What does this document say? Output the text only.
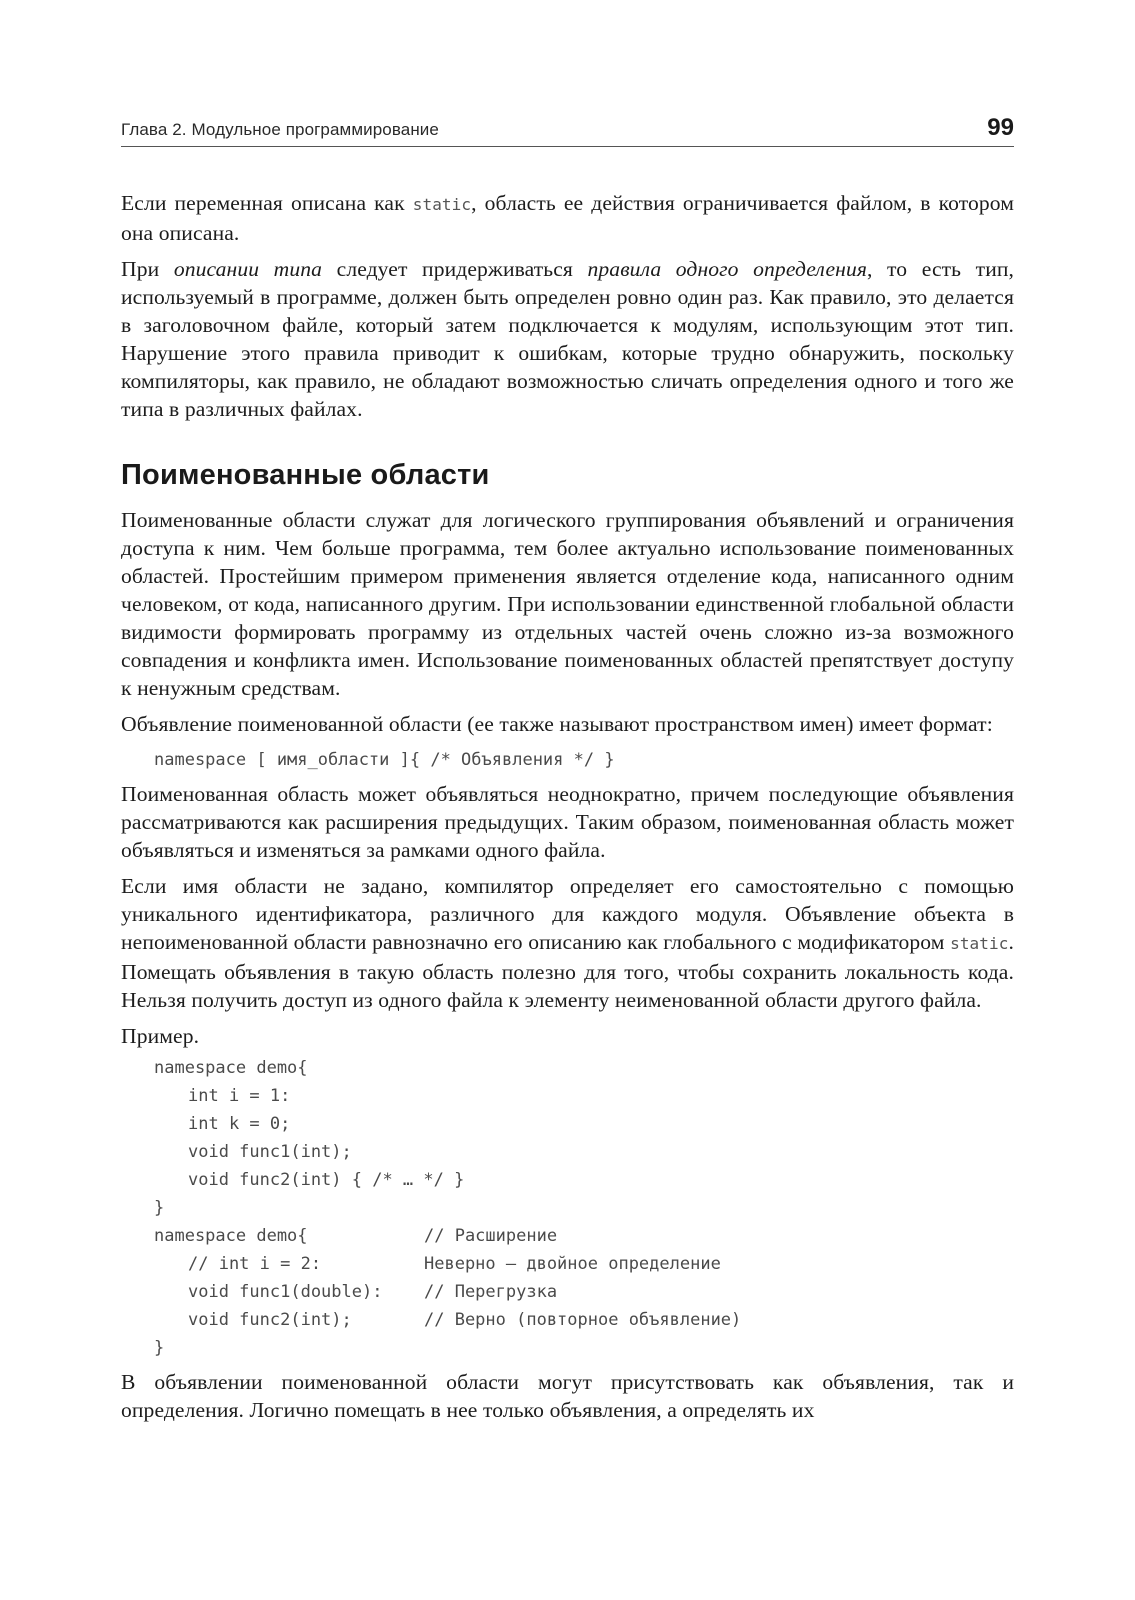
Глава 2. Модульное программирование	99

Если переменная описана как static, область ее действия ограничивается файлом, в котором она описана.

При описании типа следует придерживаться правила одного определения, то есть тип, используемый в программе, должен быть определен ровно один раз. Как правило, это делается в заголовочном файле, который затем подключается к модулям, использующим этот тип. Нарушение этого правила приводит к ошибкам, которые трудно обнаружить, поскольку компиляторы, как правило, не обладают возможностью сличать определения одного и того же типа в различных файлах.

Поименованные области

Поименованные области служат для логического группирования объявлений и ограничения доступа к ним. Чем больше программа, тем более актуально использование поименованных областей. Простейшим примером применения является отделение кода, написанного одним человеком, от кода, написанного другим. При использовании единственной глобальной области видимости формировать программу из отдельных частей очень сложно из-за возможного совпадения и конфликта имен. Использование поименованных областей препятствует доступу к ненужным средствам.

Объявление поименованной области (ее также называют пространством имен) имеет формат:

namespace [ имя_области ]{ /* Объявления */ }

Поименованная область может объявляться неоднократно, причем последующие объявления рассматриваются как расширения предыдущих. Таким образом, поименованная область может объявляться и изменяться за рамками одного файла.

Если имя области не задано, компилятор определяет его самостоятельно с помощью уникального идентификатора, различного для каждого модуля. Объявление объекта в непоименованной области равнозначно его описанию как глобального с модификатором static. Помещать объявления в такую область полезно для того, чтобы сохранить локальность кода. Нельзя получить доступ из одного файла к элементу неименованной области другого файла.

Пример.

namespace demo{
int i = 1:
int k = 0;
void func1(int);
void func2(int) { /* … */ }
}
namespace demo{	// Расширение
// int i = 2:	Неверно — двойное определение
void func1(double): // Перегрузка
void func2(int);	// Верно (повторное объявление)
}

В объявлении поименованной области могут присутствовать как объявления, так и определения. Логично помещать в нее только объявления, а определять их
